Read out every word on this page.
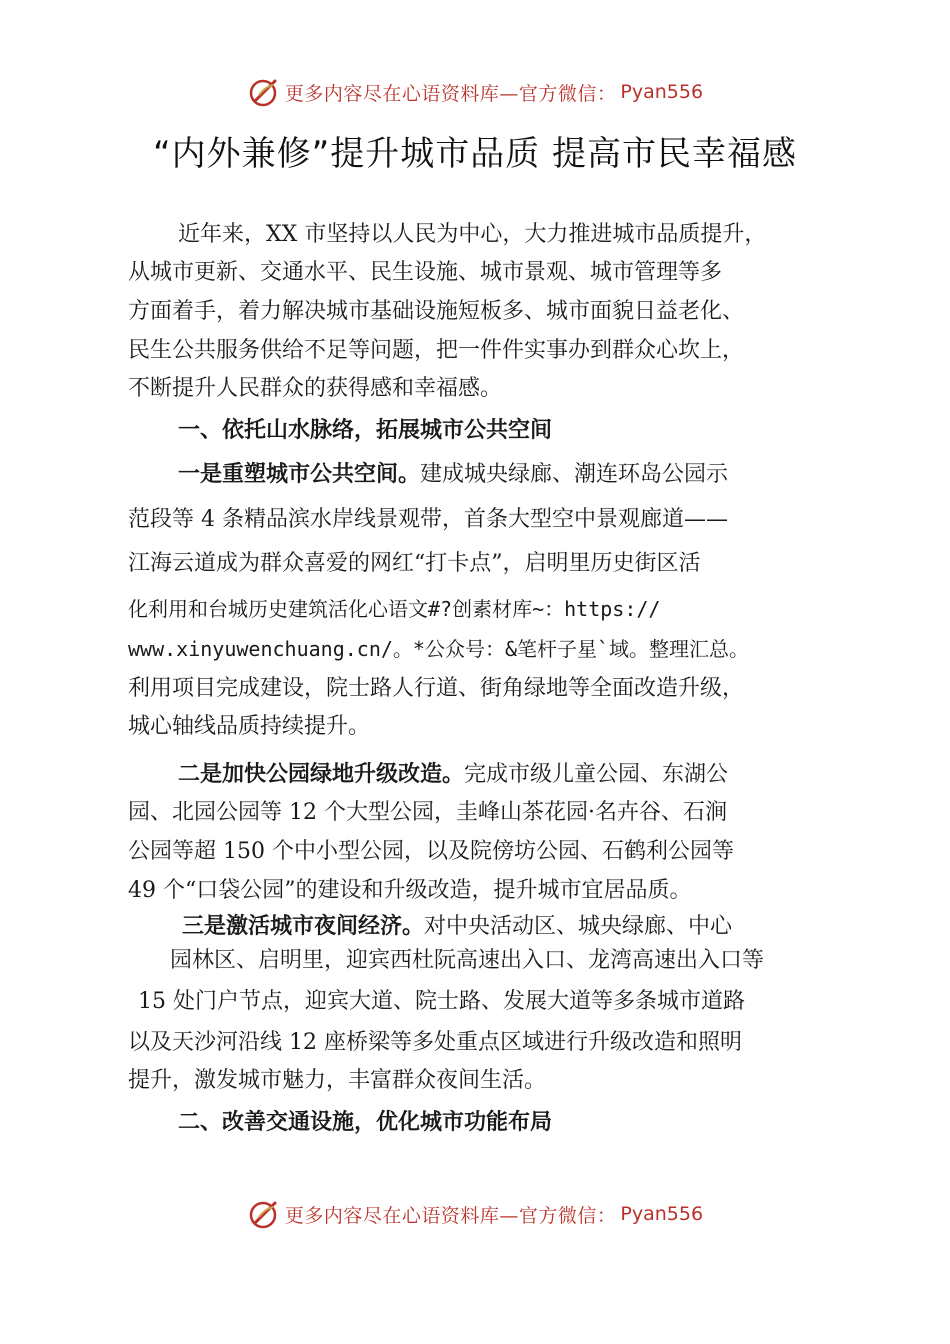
更多内容尽在心语资料库—官方微信： Pyan556
“内外兼修”提升城市品质 提高市民幸福感
近年来，XX 市坚持以人民为中心，大力推进城市品质提升，
从城市更新、交通水平、民生设施、城市景观、城市管理等多
方面着手，着力解决城市基础设施短板多、城市面貌日益老化、
民生公共服务供给不足等问题，把一件件实事办到群众心坎上，
不断提升人民群众的获得感和幸福感。
一、依托山水脉络，拓展城市公共空间
一是重塑城市公共空间。建成城央绿廊、潮连环岛公园示
范段等 4 条精品滨水岸线景观带，首条大型空中景观廊道——
江海云道成为群众喜爱的网红“打卡点”，启明里历史街区活
化利用和台城历史建筑活化心语文#?创素材库~：https://
www.xinyuwenchuang.cn/。*公众号：&笔杆子星`域。整理汇总。
利用项目完成建设，院士路人行道、街角绿地等全面改造升级，
城心轴线品质持续提升。
二是加快公园绿地升级改造。完成市级儿童公园、东湖公
园、北园公园等 12 个大型公园，圭峰山茶花园·名卉谷、石涧
公园等超 150 个中小型公园，以及院傍坊公园、石鹤利公园等
49 个“口袋公园”的建设和升级改造，提升城市宜居品质。
三是激活城市夜间经济。对中央活动区、城央绿廊、中心
园林区、启明里，迎宾西杜阮高速出入口、龙湾高速出入口等
15 处门户节点，迎宾大道、院士路、发展大道等多条城市道路
以及天沙河沿线 12 座桥梁等多处重点区域进行升级改造和照明
提升，激发城市魅力，丰富群众夜间生活。
二、改善交通设施，优化城市功能布局
更多内容尽在心语资料库—官方微信： Pyan556
